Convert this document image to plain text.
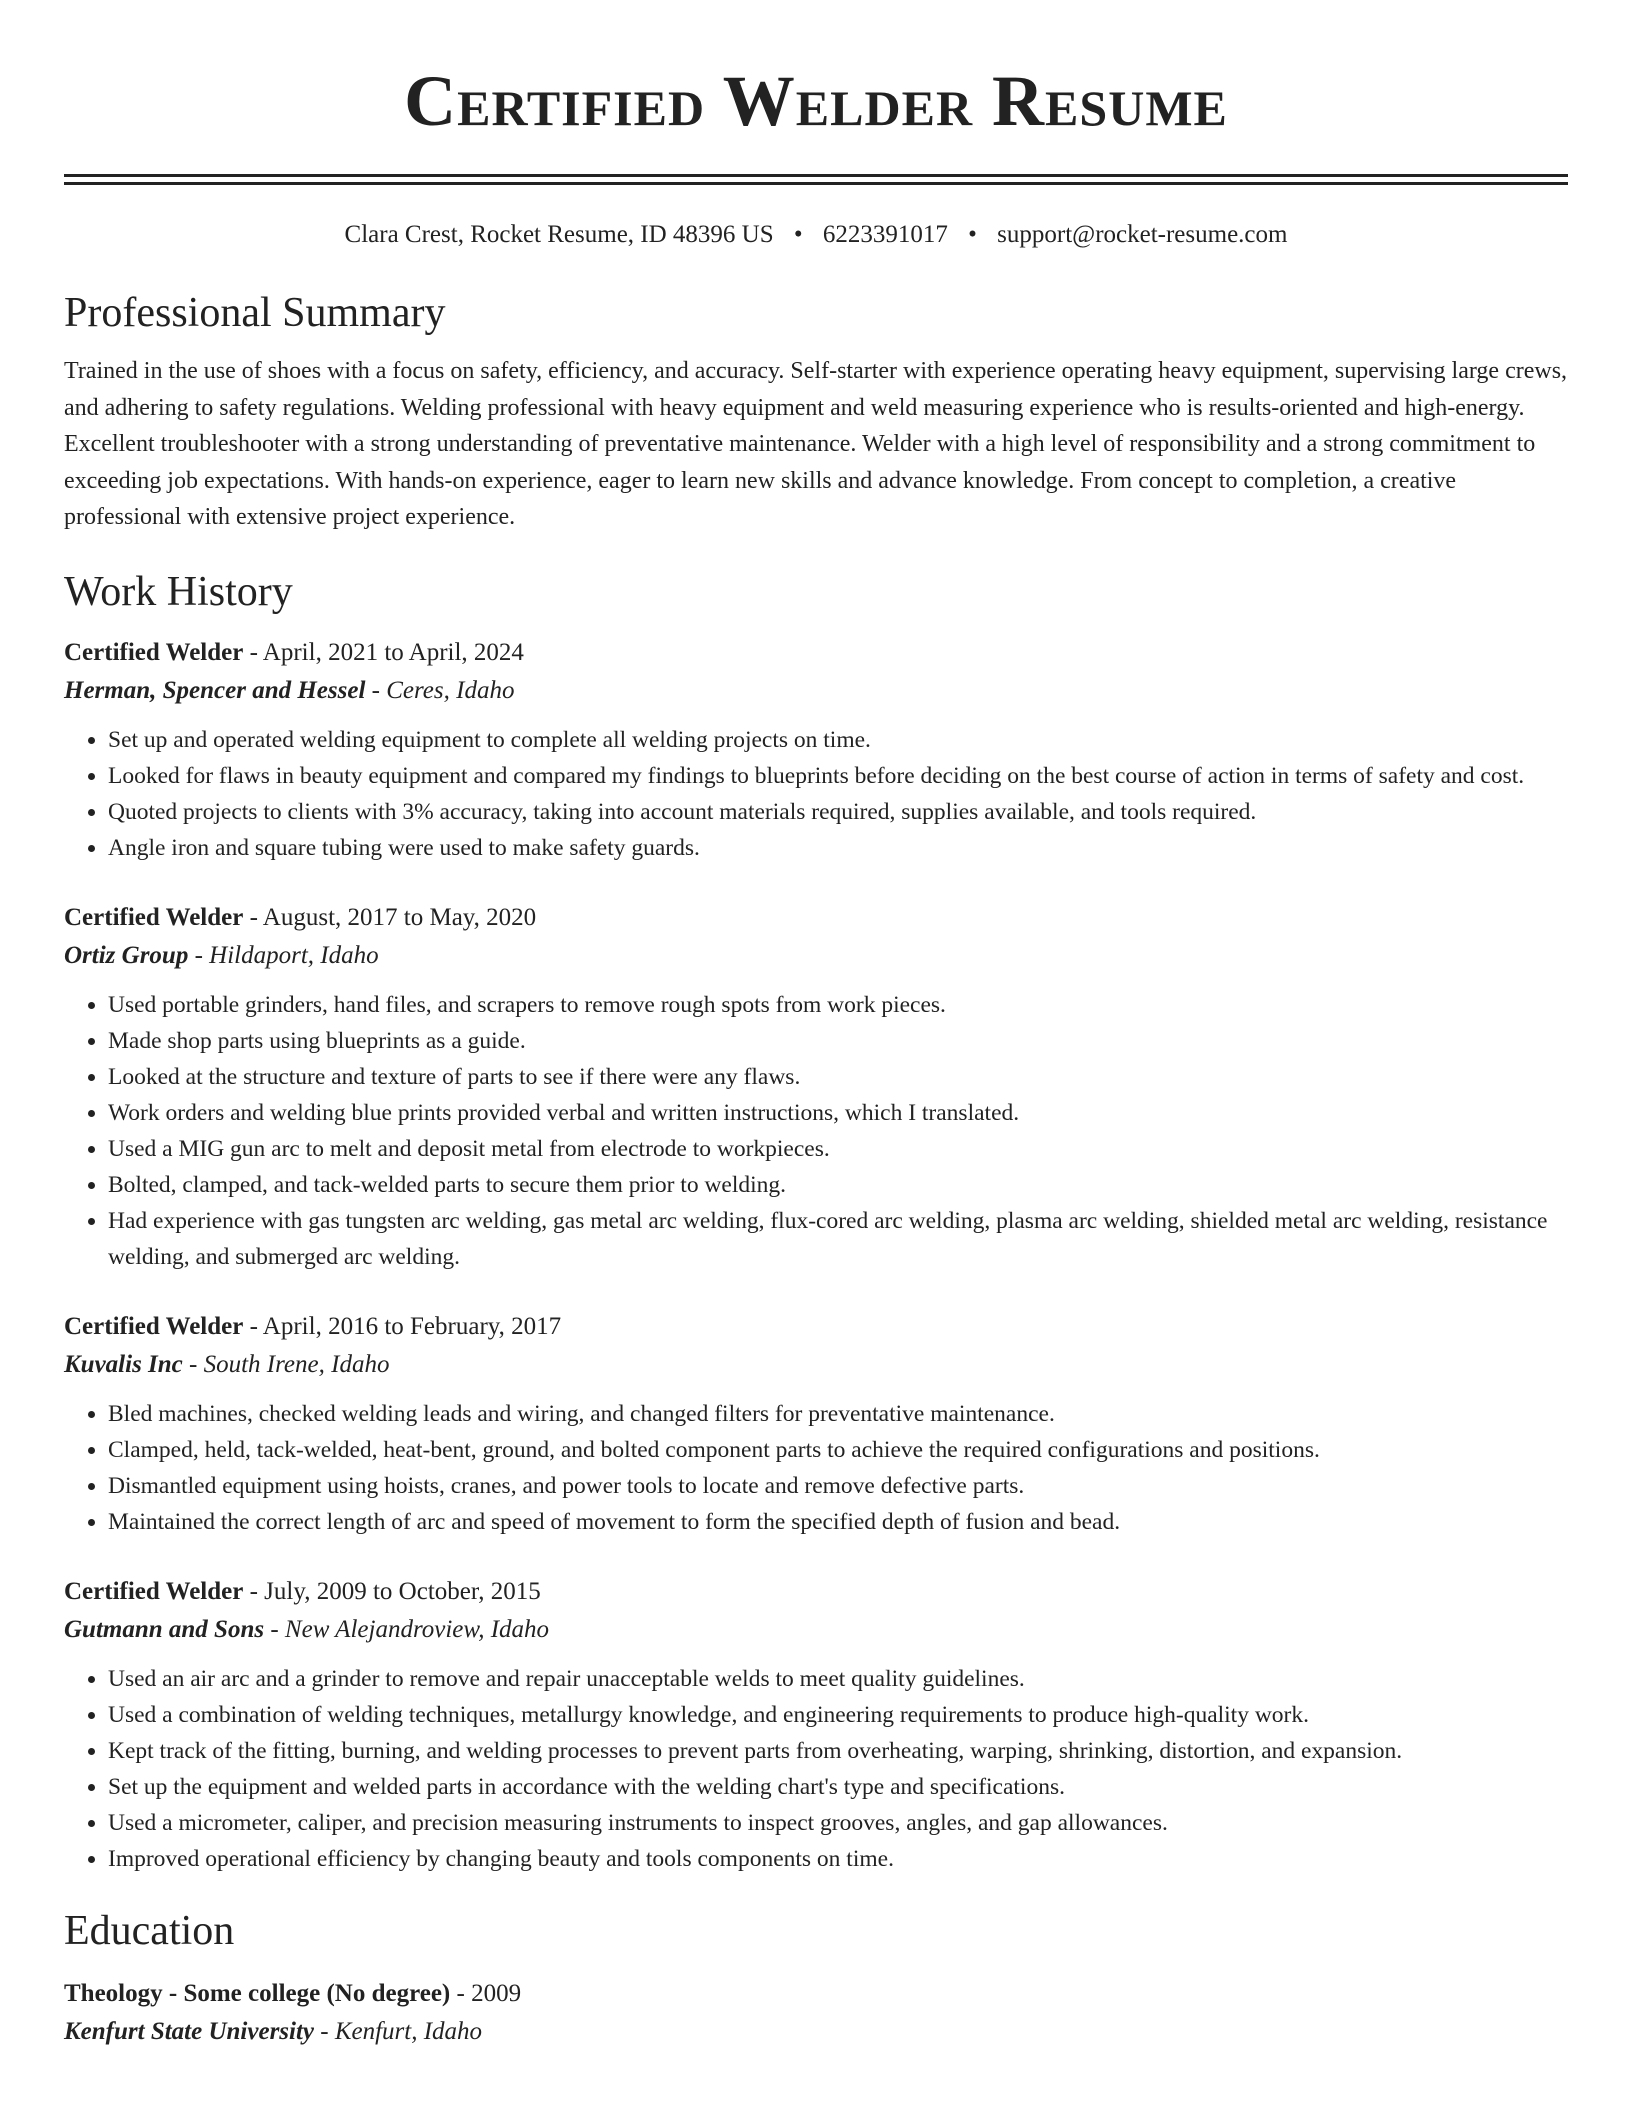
Certified Welder Resume
Clara Crest, Rocket Resume, ID 48396 US • 6223391017 • support@rocket-resume.com
Professional Summary

Trained in the use of shoes with a focus on safety, efficiency, and accuracy. Self-starter with experience operating heavy equipment, supervising large crews, and adhering to safety regulations. Welding professional with heavy equipment and weld measuring experience who is results-oriented and high-energy. Excellent troubleshooter with a strong understanding of preventative maintenance. Welder with a high level of responsibility and a strong commitment to exceeding job expectations. With hands-on experience, eager to learn new skills and advance knowledge. From concept to completion, a creative professional with extensive project experience.

Work History
Certified Welder - April, 2021 to April, 2024
Herman, Spencer and Hessel - Ceres, Idaho
• Set up and operated welding equipment to complete all welding projects on time.
• Looked for flaws in beauty equipment and compared my findings to blueprints before deciding on the best course of action in terms of safety and cost.
• Quoted projects to clients with 3% accuracy, taking into account materials required, supplies available, and tools required.
• Angle iron and square tubing were used to make safety guards.
Certified Welder - August, 2017 to May, 2020
Ortiz Group - Hildaport, Idaho
• Used portable grinders, hand files, and scrapers to remove rough spots from work pieces.
• Made shop parts using blueprints as a guide.
• Looked at the structure and texture of parts to see if there were any flaws.
• Work orders and welding blue prints provided verbal and written instructions, which I translated.
• Used a MIG gun arc to melt and deposit metal from electrode to workpieces.
• Bolted, clamped, and tack-welded parts to secure them prior to welding.
• Had experience with gas tungsten arc welding, gas metal arc welding, flux-cored arc welding, plasma arc welding, shielded metal arc welding, resistance welding, and submerged arc welding.
Certified Welder - April, 2016 to February, 2017
Kuvalis Inc - South Irene, Idaho
• Bled machines, checked welding leads and wiring, and changed filters for preventative maintenance.
• Clamped, held, tack-welded, heat-bent, ground, and bolted component parts to achieve the required configurations and positions.
• Dismantled equipment using hoists, cranes, and power tools to locate and remove defective parts.
• Maintained the correct length of arc and speed of movement to form the specified depth of fusion and bead.
Certified Welder - July, 2009 to October, 2015
Gutmann and Sons - New Alejandroview, Idaho
• Used an air arc and a grinder to remove and repair unacceptable welds to meet quality guidelines.
• Used a combination of welding techniques, metallurgy knowledge, and engineering requirements to produce high-quality work.
• Kept track of the fitting, burning, and welding processes to prevent parts from overheating, warping, shrinking, distortion, and expansion.
• Set up the equipment and welded parts in accordance with the welding chart's type and specifications.
• Used a micrometer, caliper, and precision measuring instruments to inspect grooves, angles, and gap allowances.
• Improved operational efficiency by changing beauty and tools components on time.
Education
Theology - Some college (No degree) - 2009
Kenfurt State University - Kenfurt, Idaho
